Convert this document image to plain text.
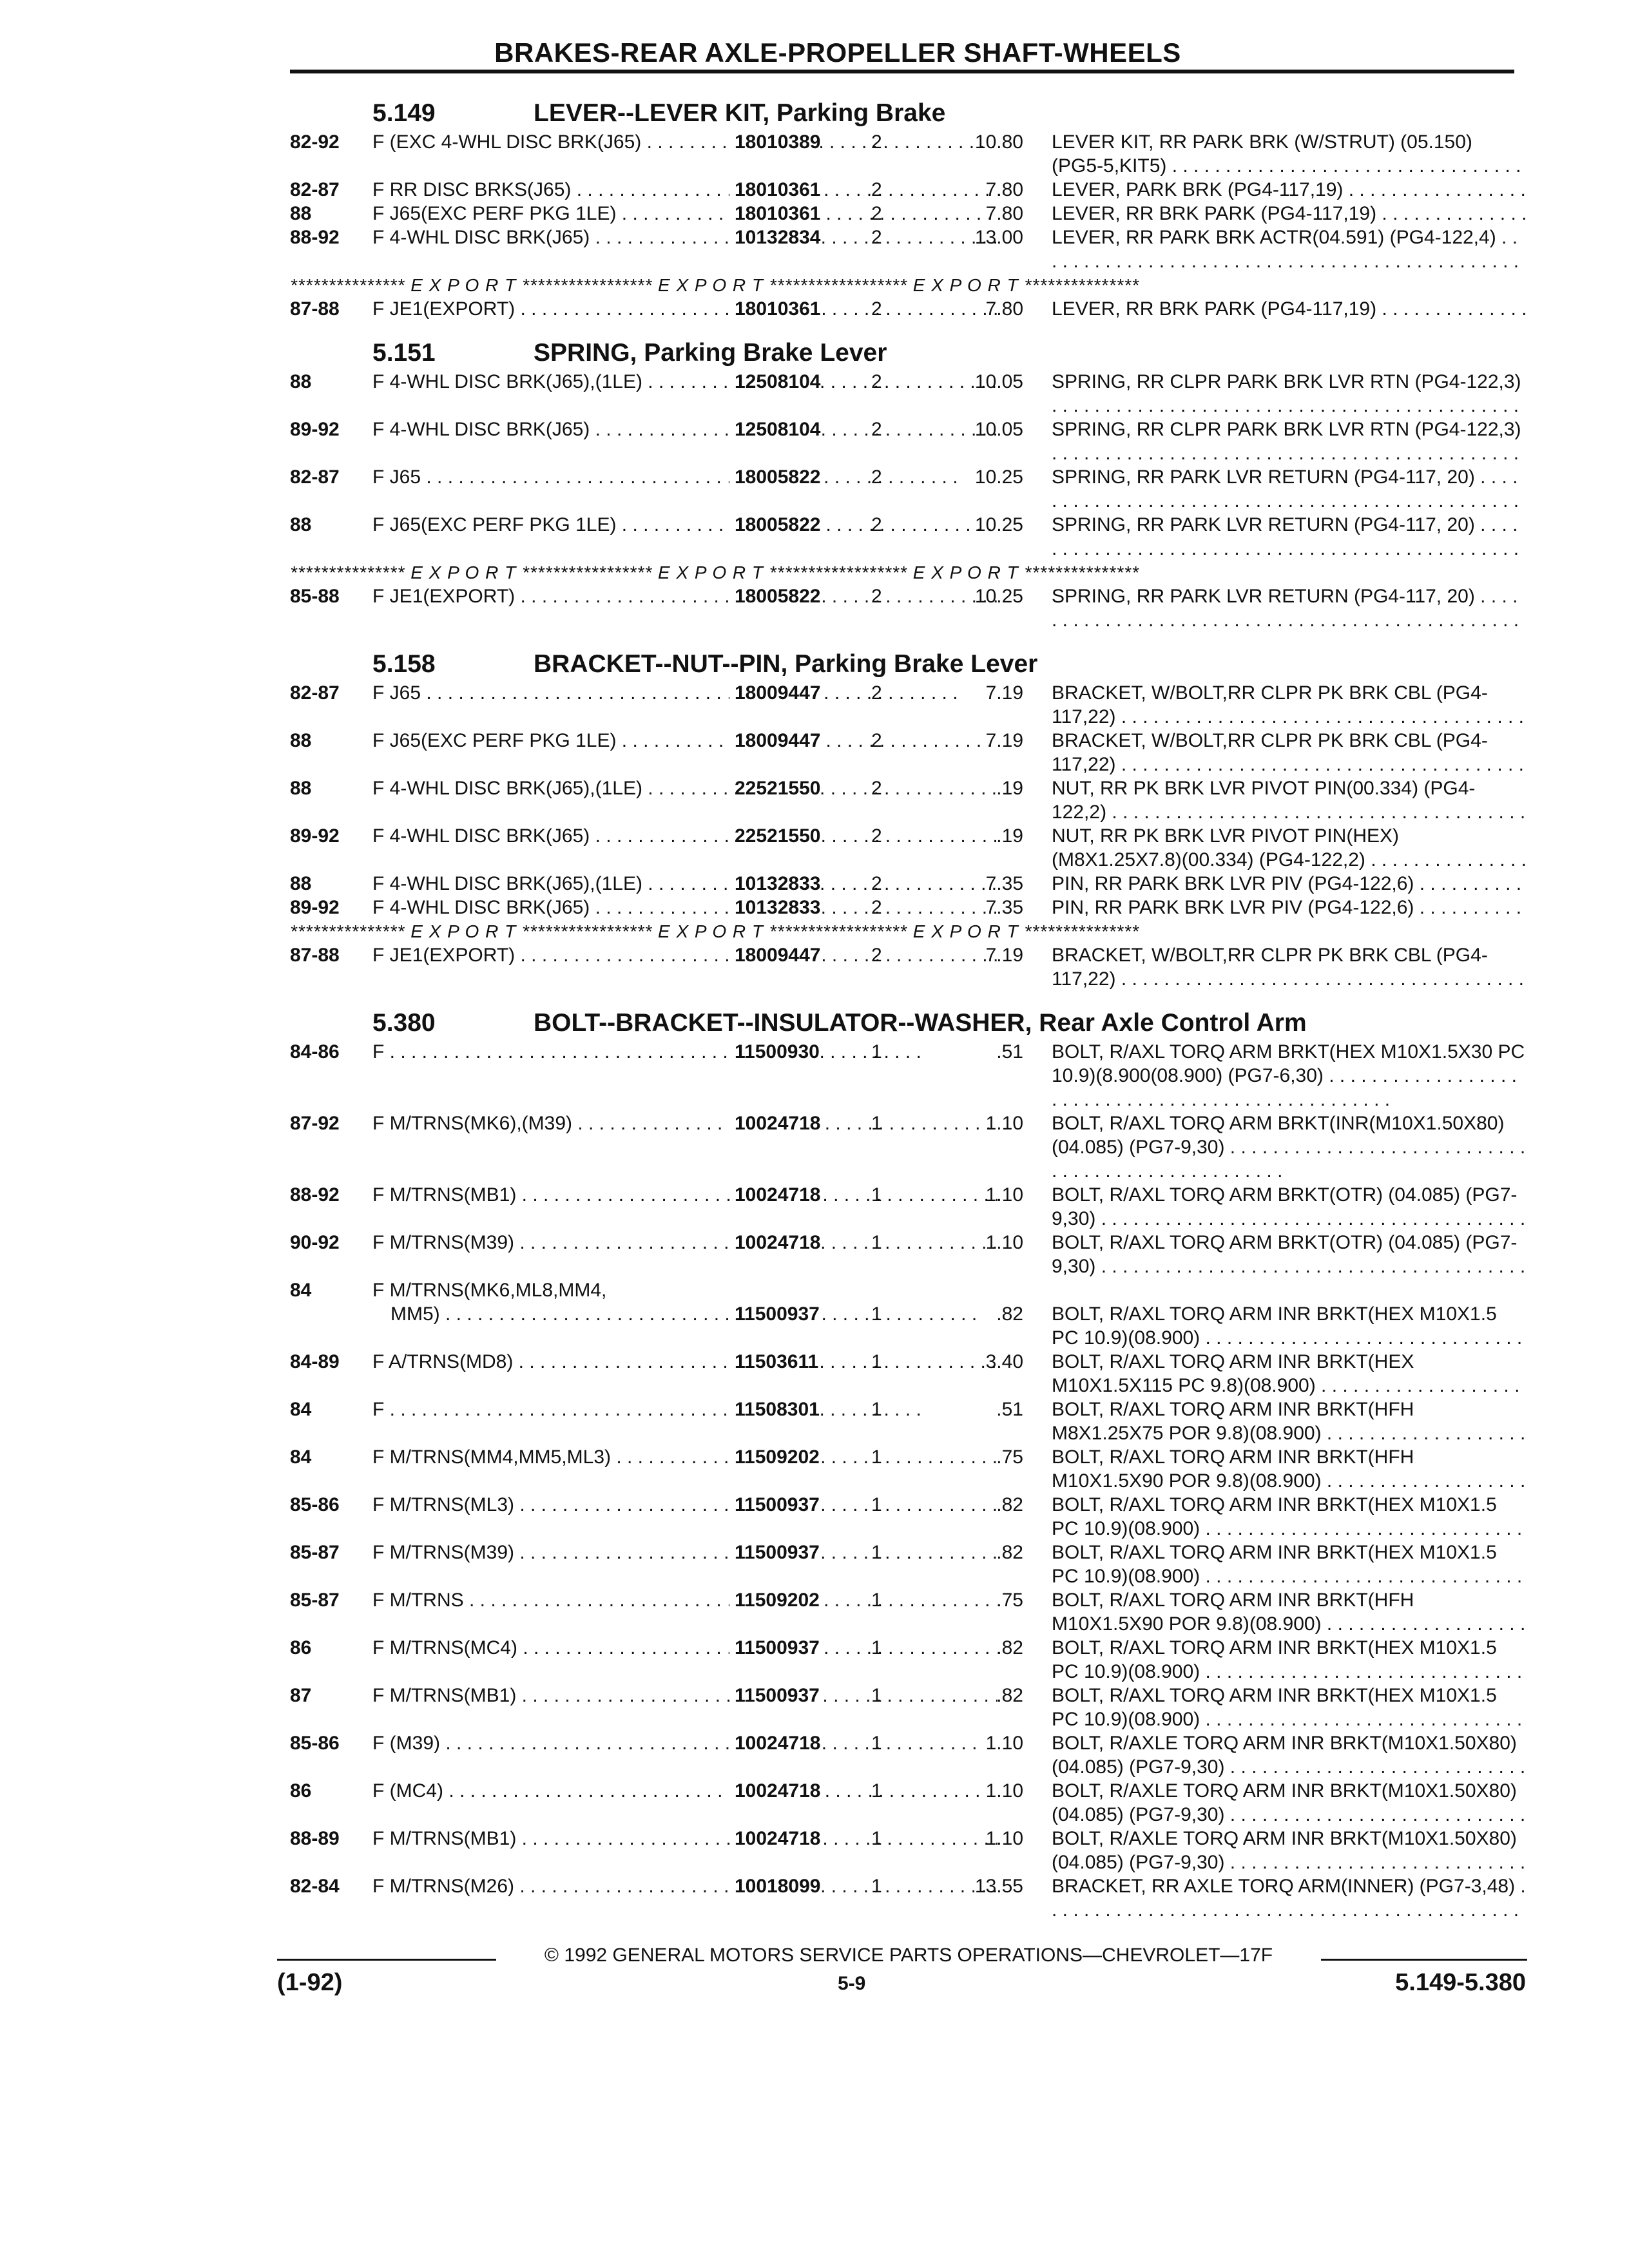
BRAKES-REAR AXLE-PROPELLER SHAFT-WHEELS
5.149	LEVER--LEVER KIT, Parking Brake
82-92 F (EXC 4-WHL DISC BRK(J65) . . .	18010389	2	10.80 LEVER KIT, RR PARK BRK (W/STRUT) (05.150) (PG5-5,KIT5) . . .
82-87 F RR DISC BRKS(J65) . . .	18010361	2	7.80 LEVER, PARK BRK (PG4-117,19) . . .
88	F J65(EXC PERF PKG 1LE) . . .	18010361	2	7.80 LEVER, RR BRK PARK (PG4-117,19) . . .
88-92 F 4-WHL DISC BRK(J65) . . .	10132834	2	13.00 LEVER, RR PARK BRK ACTR(04.591) (PG4-122,4) . . .
*************** E X P O R T ***************** E X P O R T ****************** E X P O R T ***************
87-88 F JE1(EXPORT) . . .	18010361	2	7.80 LEVER, RR BRK PARK (PG4-117,19) . . .
5.151	SPRING, Parking Brake Lever
88	F 4-WHL DISC BRK(J65),(1LE) . . .	12508104	2	10.05 SPRING, RR CLPR PARK BRK LVR RTN (PG4-122,3) . . .
89-92 F 4-WHL DISC BRK(J65) . . .	12508104	2	10.05 SPRING, RR CLPR PARK BRK LVR RTN (PG4-122,3) . . .
82-87 F J65 . . .	18005822	2	10.25 SPRING, RR PARK LVR RETURN (PG4-117, 20) . . .
88	F J65(EXC PERF PKG 1LE) . . .	18005822	2	10.25 SPRING, RR PARK LVR RETURN (PG4-117, 20) . . .
*************** E X P O R T ***************** E X P O R T ****************** E X P O R T ***************
85-88 F JE1(EXPORT) . . .	18005822	2	10.25 SPRING, RR PARK LVR RETURN (PG4-117, 20) . . .
5.158	BRACKET--NUT--PIN, Parking Brake Lever
82-87 F J65 . . .	18009447	2	7.19 BRACKET, W/BOLT,RR CLPR PK BRK CBL (PG4-117,22) . . .
88	F J65(EXC PERF PKG 1LE) . . .	18009447	2	7.19 BRACKET, W/BOLT,RR CLPR PK BRK CBL (PG4-117,22) . . .
88	F 4-WHL DISC BRK(J65),(1LE) . . .	22521550	2	.19 NUT, RR PK BRK LVR PIVOT PIN(00.334) (PG4-122,2) . . .
89-92 F 4-WHL DISC BRK(J65) . . .	22521550	2	.19 NUT, RR PK BRK LVR PIVOT PIN(HEX) (M8X1.25X7.8)(00.334) (PG4-122,2) . . .
88	F 4-WHL DISC BRK(J65),(1LE) . . .	10132833	2	7.35 PIN, RR PARK BRK LVR PIV (PG4-122,6) . . .
89-92 F 4-WHL DISC BRK(J65) . . .	10132833	2	7.35 PIN, RR PARK BRK LVR PIV (PG4-122,6) . . .
*************** E X P O R T ***************** E X P O R T ****************** E X P O R T ***************
87-88 F JE1(EXPORT) . . .	18009447	2	7.19 BRACKET, W/BOLT,RR CLPR PK BRK CBL (PG4-117,22) . . .
5.380	BOLT--BRACKET--INSULATOR--WASHER, Rear Axle Control Arm
84-86 F . . .	11500930	1	.51 BOLT, R/AXL TORQ ARM BRKT(HEX M10X1.5X30 PC 10.9)(8.900(08.900) (PG7-6,30) . . .
87-92 F M/TRNS(MK6),(M39) . . .	10024718	1	1.10 BOLT, R/AXL TORQ ARM BRKT(INR(M10X1.50X80)(04.085) (PG7-9,30) . . .
88-92 F M/TRNS(MB1) . . .	10024718	1	1.10 BOLT, R/AXL TORQ ARM BRKT(OTR) (04.085) (PG7-9,30) . . .
90-92 F M/TRNS(M39) . . .	10024718	1	1.10 BOLT, R/AXL TORQ ARM BRKT(OTR) (04.085) (PG7-9,30) . . .
84	F M/TRNS(MK6,ML8,MM4,
MM5) . . .	11500937	1	.82 BOLT, R/AXL TORQ ARM INR BRKT(HEX M10X1.5 PC 10.9)(08.900) . . .
84-89 F A/TRNS(MD8) . . .	11503611	1	3.40 BOLT, R/AXL TORQ ARM INR BRKT(HEX M10X1.5X115 PC 9.8)(08.900) . . .
84	F . . .	11508301	1	.51 BOLT, R/AXL TORQ ARM INR BRKT(HFH M8X1.25X75 POR 9.8)(08.900) . . .
84	F M/TRNS(MM4,MM5,ML3) . . .	11509202	1	.75 BOLT, R/AXL TORQ ARM INR BRKT(HFH M10X1.5X90 POR 9.8)(08.900) . . .
85-86 F M/TRNS(ML3) . . .	11500937	1	.82 BOLT, R/AXL TORQ ARM INR BRKT(HEX M10X1.5 PC 10.9)(08.900) . . .
85-87 F M/TRNS(M39) . . .	11500937	1	.82 BOLT, R/AXL TORQ ARM INR BRKT(HEX M10X1.5 PC 10.9)(08.900) . . .
85-87 F M/TRNS . . .	11509202	1	.75 BOLT, R/AXL TORQ ARM INR BRKT(HFH M10X1.5X90 POR 9.8)(08.900) . . .
86	F M/TRNS(MC4) . . .	11500937	1	.82 BOLT, R/AXL TORQ ARM INR BRKT(HEX M10X1.5 PC 10.9)(08.900) . . .
87	F M/TRNS(MB1) . . .	11500937	1	.82 BOLT, R/AXL TORQ ARM INR BRKT(HEX M10X1.5 PC 10.9)(08.900) . . .
85-86 F (M39) . . .	10024718	1	1.10 BOLT, R/AXLE TORQ ARM INR BRKT(M10X1.50X80)(04.085) (PG7-9,30) . . .
86	F (MC4) . . .	10024718	1	1.10 BOLT, R/AXLE TORQ ARM INR BRKT(M10X1.50X80)(04.085) (PG7-9,30) . . .
88-89 F M/TRNS(MB1) . . .	10024718	1	1.10 BOLT, R/AXLE TORQ ARM INR BRKT(M10X1.50X80)(04.085) (PG7-9,30) . . .
82-84 F M/TRNS(M26) . . .	10018099	1	13.55 BRACKET, RR AXLE TORQ ARM(INNER) (PG7-3,48) . . .
© 1992 GENERAL MOTORS SERVICE PARTS OPERATIONS—CHEVROLET—17F
(1-92)	5-9	5.149-5.380
